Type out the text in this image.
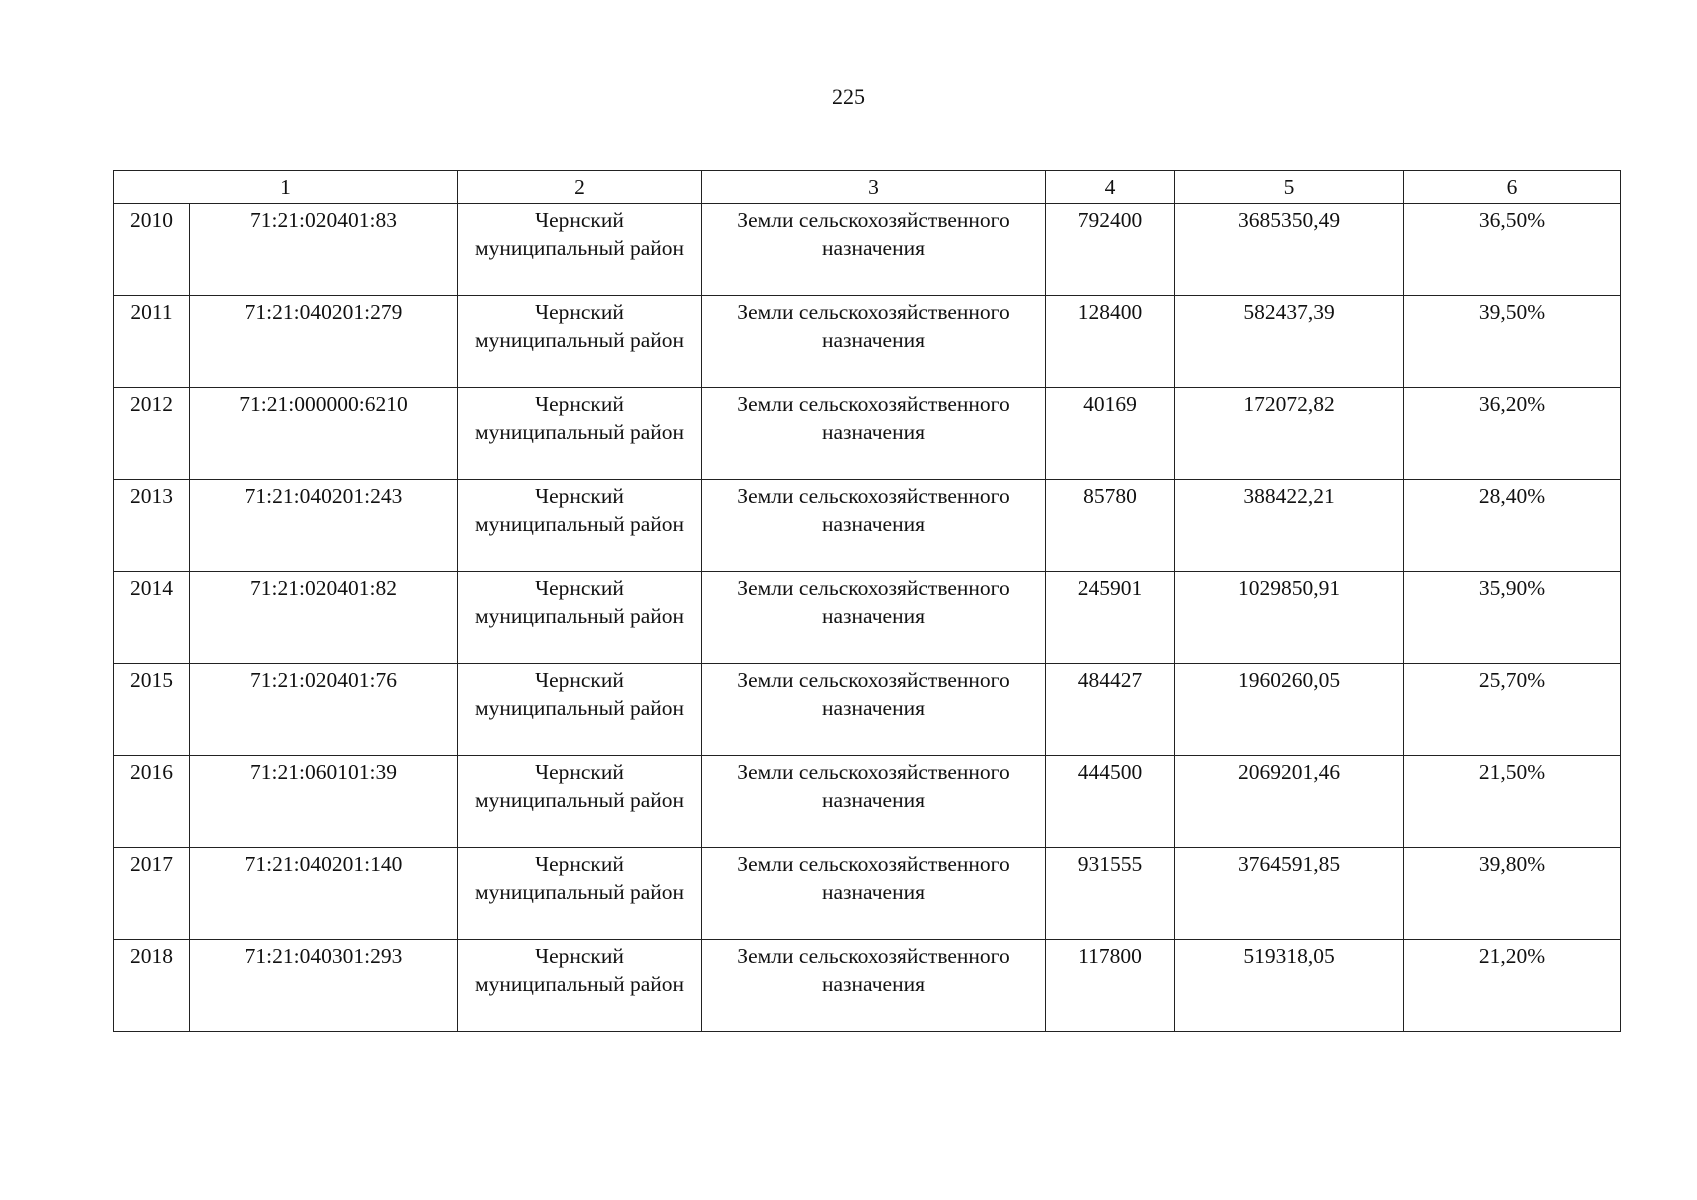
225
1		2	3	4	5	6
2010	71:21:020401:83	Чернский муниципальный район	Земли сельскохозяйственного назначения	792400	3685350,49	36,50%
2011	71:21:040201:279	Чернский муниципальный район	Земли сельскохозяйственного назначения	128400	582437,39	39,50%
2012	71:21:000000:6210	Чернский муниципальный район	Земли сельскохозяйственного назначения	40169	172072,82	36,20%
2013	71:21:040201:243	Чернский муниципальный район	Земли сельскохозяйственного назначения	85780	388422,21	28,40%
2014	71:21:020401:82	Чернский муниципальный район	Земли сельскохозяйственного назначения	245901	1029850,91	35,90%
2015	71:21:020401:76	Чернский муниципальный район	Земли сельскохозяйственного назначения	484427	1960260,05	25,70%
2016	71:21:060101:39	Чернский муниципальный район	Земли сельскохозяйственного назначения	444500	2069201,46	21,50%
2017	71:21:040201:140	Чернский муниципальный район	Земли сельскохозяйственного назначения	931555	3764591,85	39,80%
2018	71:21:040301:293	Чернский муниципальный район	Земли сельскохозяйственного назначения	117800	519318,05	21,20%
